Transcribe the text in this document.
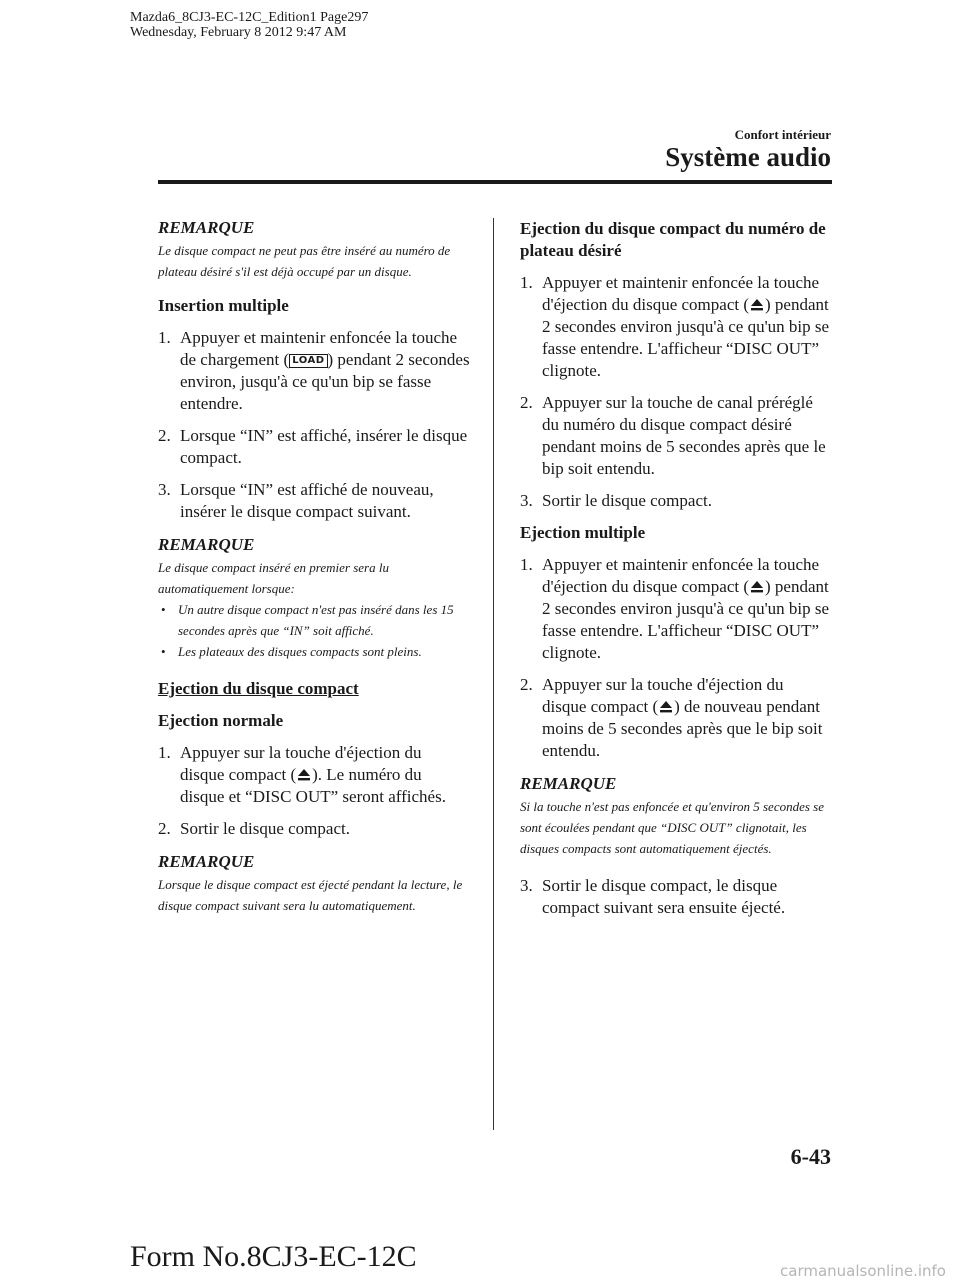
Mazda6_8CJ3-EC-12C_Edition1 Page297
Wednesday, February 8 2012 9:47 AM
Confort intérieur
Système audio
REMARQUE

Le disque compact ne peut pas être inséré au numéro de plateau désiré s'il est déjà occupé par un disque.

Insertion multiple
1. Appuyer et maintenir enfoncée la touche de chargement ( LOAD ) pendant 2 secondes environ, jusqu'à ce qu'un bip se fasse entendre.
2. Lorsque “IN” est affiché, insérer le disque compact.
3. Lorsque “IN” est affiché de nouveau, insérer le disque compact suivant.
REMARQUE

Le disque compact inséré en premier sera lu automatiquement lorsque:

• Un autre disque compact n'est pas inséré dans les 15 secondes après que “IN” soit affiché.
• Les plateaux des disques compacts sont pleins.
Ejection du disque compact
Ejection normale
1. Appuyer sur la touche d'éjection du disque compact ( ). Le numéro du disque et “DISC OUT” seront affichés.
2. Sortir le disque compact.
REMARQUE

Lorsque le disque compact est éjecté pendant la lecture, le disque compact suivant sera lu automatiquement.

Ejection du disque compact du numéro de plateau désiré
1. Appuyer et maintenir enfoncée la touche d'éjection du disque compact ( ) pendant 2 secondes environ jusqu'à ce qu'un bip se fasse entendre. L'afficheur “DISC OUT” clignote.
2. Appuyer sur la touche de canal préréglé du numéro du disque compact désiré pendant moins de 5 secondes après que le bip soit entendu.
3. Sortir le disque compact.
Ejection multiple
1. Appuyer et maintenir enfoncée la touche d'éjection du disque compact ( ) pendant 2 secondes environ jusqu'à ce qu'un bip se fasse entendre. L'afficheur “DISC OUT” clignote.
2. Appuyer sur la touche d'éjection du disque compact ( ) de nouveau pendant moins de 5 secondes après que le bip soit entendu.
REMARQUE

Si la touche n'est pas enfoncée et qu'environ 5 secondes se sont écoulées pendant que “DISC OUT” clignotait, les disques compacts sont automatiquement éjectés.

3. Sortir le disque compact, le disque compact suivant sera ensuite éjecté.
6-43
Form No.8CJ3-EC-12C	carmanualsonline.info
